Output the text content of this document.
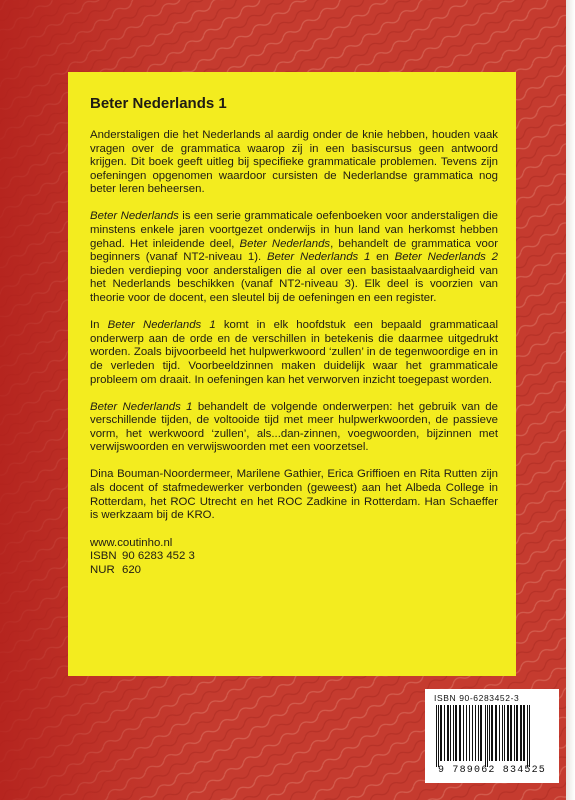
Beter Nederlands 1

Anderstaligen die het Nederlands al aardig onder de knie hebben, houden vaak vragen over de grammatica waarop zij in een basiscursus geen antwoord krijgen. Dit boek geeft uitleg bij specifieke grammaticale problemen. Tevens zijn oefeningen opgenomen waardoor cursisten de Nederlandse grammatica nog beter leren beheersen.

Beter Nederlands is een serie grammaticale oefenboeken voor anderstaligen die minstens enkele jaren voortgezet onderwijs in hun land van herkomst hebben gehad. Het inleidende deel, Beter Nederlands, behandelt de grammatica voor beginners (vanaf NT2-niveau 1). Beter Nederlands 1 en Beter Nederlands 2 bieden verdieping voor anderstaligen die al over een basistaalvaardigheid van het Nederlands beschikken (vanaf NT2-niveau 3). Elk deel is voorzien van theorie voor de docent, een sleutel bij de oefeningen en een register.

In Beter Nederlands 1 komt in elk hoofdstuk een bepaald grammaticaal onderwerp aan de orde en de verschillen in betekenis die daarmee uitgedrukt worden. Zoals bijvoorbeeld het hulpwerkwoord ‘zullen’ in de tegenwoordige en in de verleden tijd. Voorbeeldzinnen maken duidelijk waar het grammaticale probleem om draait. In oefeningen kan het verworven inzicht toegepast worden.

Beter Nederlands 1 behandelt de volgende onderwerpen: het gebruik van de verschillende tijden, de voltooide tijd met meer hulpwerkwoorden, de passieve vorm, het werkwoord ‘zullen’, als...dan-zinnen, voegwoorden, bijzinnen met verwijswoorden en verwijswoorden met een voorzetsel.

Dina Bouman-Noordermeer, Marilene Gathier, Erica Griffioen en Rita Rutten zijn als docent of stafmedewerker verbonden (geweest) aan het Albeda College in Rotterdam, het ROC Utrecht en het ROC Zadkine in Rotterdam. Han Schaeffer is werkzaam bij de KRO.

www.coutinho.nl

ISBN 90 6283 452 3
NUR 620
ISBN 90-6283452-3
9 789062 834525
